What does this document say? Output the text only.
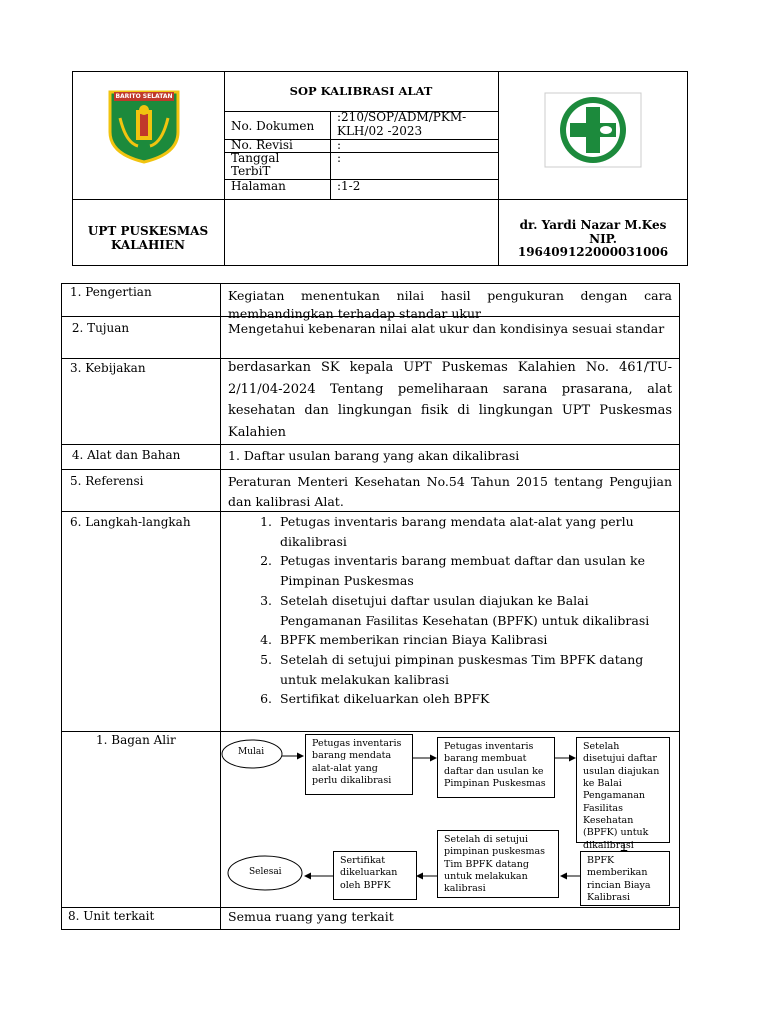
BARITO SELATAN	SOP KALIBRASI ALAT
No. Dokumen
:210/SOP/ADM/PKM-KLH/02 -2023
No. Revisi	:
Tanggal TerbiT
:
Halaman	:1-2
UPT PUSKESMAS KALAHIEN
dr. Yardi Nazar M.Kes
NIP.
196409122000031006
1. Pengertian	Kegiatan menentukan nilai hasil pengukuran dengan cara membandingkan terhadap standar ukur
2. Tujuan	Mengetahui kebenaran nilai alat ukur dan kondisinya sesuai standar
3. Kebijakan	berdasarkan SK kepala UPT Puskemas Kalahien No. 461/TU-2/11/04-2024 Tentang pemeliharaan sarana prasarana, alat kesehatan dan lingkungan fisik di lingkungan UPT Puskesmas Kalahien
4. Alat dan Bahan	1. Daftar usulan barang yang akan dikalibrasi
5. Referensi	Peraturan Menteri Kesehatan No.54 Tahun 2015 tentang Pengujian dan kalibrasi Alat.
6. Langkah-langkah
1.	Petugas inventaris barang mendata alat-alat yang perlu dikalibrasi
2. Petugas inventaris barang membuat daftar dan usulan ke Pimpinan Puskesmas
3. Setelah disetujui daftar usulan diajukan ke Balai Pengamanan Fasilitas Kesehatan (BPFK) untuk dikalibrasi
4. BPFK memberikan rincian Biaya Kalibrasi
5. Setelah di setujui pimpinan puskesmas Tim BPFK datang untuk melakukan kalibrasi
6. Sertifikat dikeluarkan oleh BPFK
1. Bagan Alir
Mulai
Petugas inventaris barang mendata alat-alat yang perlu dikalibrasi
Petugas inventaris barang membuat daftar dan usulan ke Pimpinan Puskesmas
Setelah disetujui daftar usulan diajukan ke Balai Pengamanan Fasilitas Kesehatan (BPFK) untuk dikalibrasi
BPFK memberikan rincian Biaya Kalibrasi
Setelah di setujui pimpinan puskesmas Tim BPFK datang untuk melakukan kalibrasi
Sertifikat dikeluarkan oleh BPFK
Selesai
8. Unit terkait	Semua ruang yang terkait
